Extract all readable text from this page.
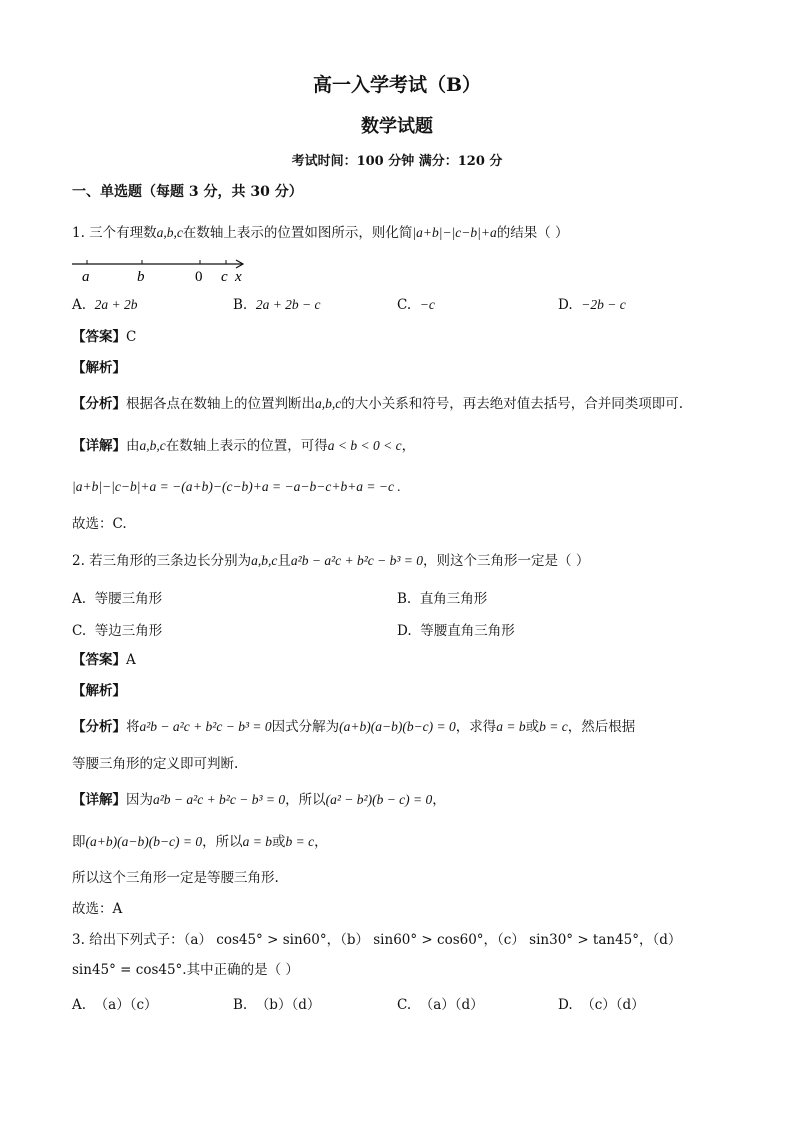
高一入学考试（B）
数学试题
考试时间：100 分钟 满分：120 分
一、单选题（每题 3 分，共 30 分）
1. 三个有理数a,b,c在数轴上表示的位置如图所示，则化简|a+b|−|c−b|+a的结果（ ）
a	b	0 c x
A. 2a + 2b	B. 2a + 2b − c	C. −c	D. −2b − c
【答案】C
【解析】
【分析】根据各点在数轴上的位置判断出a,b,c的大小关系和符号，再去绝对值去括号，合并同类项即可.
【详解】由a,b,c在数轴上表示的位置，可得a < b < 0 < c，
|a+b|−|c−b|+a = −(a+b)−(c−b)+a = −a−b−c+b+a = −c .
故选：C.
2. 若三角形的三条边长分别为a,b,c且a²b − a²c + b²c − b³ = 0，则这个三角形一定是（ ）
A. 等腰三角形	B. 直角三角形
C. 等边三角形	D. 等腰直角三角形
【答案】A
【解析】
【分析】将a²b − a²c + b²c − b³ = 0因式分解为(a+b)(a−b)(b−c) = 0，求得a = b或b = c，然后根据
等腰三角形的定义即可判断.
【详解】因为a²b − a²c + b²c − b³ = 0，所以(a² − b²)(b − c) = 0，
即(a+b)(a−b)(b−c) = 0，所以a = b或b = c，
所以这个三角形一定是等腰三角形.
故选：A
3. 给出下列式子：（a） cos45° > sin60°，（b） sin60° > cos60°，（c） sin30° > tan45°，（d）
sin45° = cos45°.其中正确的是（ ）
A. （a）（c）	B. （b）（d）	C. （a）（d）	D. （c）（d）
